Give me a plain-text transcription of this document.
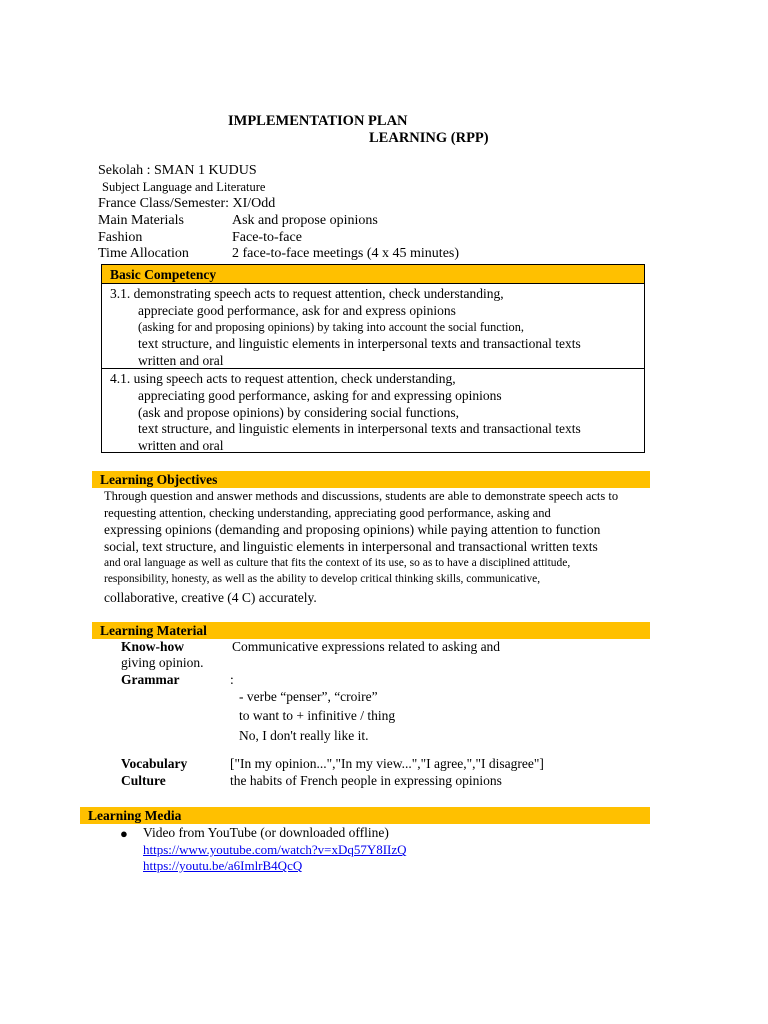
IMPLEMENTATION PLAN
LEARNING (RPP)
Sekolah : SMAN 1 KUDUS
Subject Language and Literature
France Class/Semester: XI/Odd
Main Materials	Ask and propose opinions
Fashion	Face-to-face
Time Allocation	2 face-to-face meetings (4 x 45 minutes)
Basic Competency
3.1. demonstrating speech acts to request attention, check understanding,
appreciate good performance, ask for and express opinions
(asking for and proposing opinions) by taking into account the social function,
text structure, and linguistic elements in interpersonal texts and transactional texts
written and oral
4.1. using speech acts to request attention, check understanding,
appreciating good performance, asking for and expressing opinions
(ask and propose opinions) by considering social functions,
text structure, and linguistic elements in interpersonal texts and transactional texts
written and oral
Learning Objectives
Through question and answer methods and discussions, students are able to demonstrate speech acts to
requesting attention, checking understanding, appreciating good performance, asking and
expressing opinions (demanding and proposing opinions) while paying attention to function
social, text structure, and linguistic elements in interpersonal and transactional written texts
and oral language as well as culture that fits the context of its use, so as to have a disciplined attitude,
responsibility, honesty, as well as the ability to develop critical thinking skills, communicative,
collaborative, creative (4 C) accurately.
Learning Material
Know-how	Communicative expressions related to asking and
giving opinion.
Grammar	:
- verbe “penser”, “croire”
to want to + infinitive / thing
No, I don't really like it.
Vocabulary	["In my opinion...","In my view...","I agree,","I disagree"]
Culture	the habits of French people in expressing opinions
Learning Media
● Video from YouTube (or downloaded offline)
https://www.youtube.com/watch?v=xDq57Y8IIzQ
https://youtu.be/a6ImlrB4QcQ
